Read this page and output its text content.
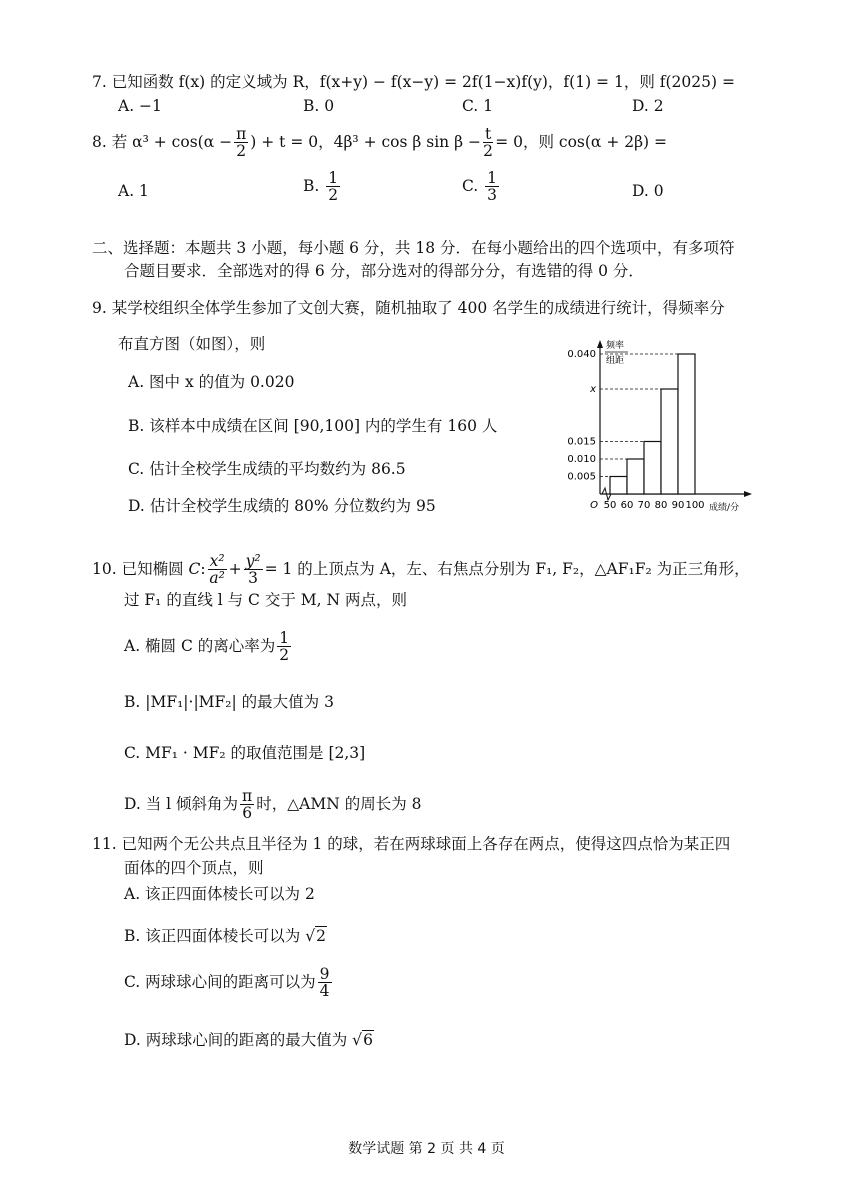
7. 已知函数 f(x) 的定义域为 R，f(x+y) − f(x−y) = 2f(1−x)f(y)，f(1) = 1，则 f(2025) =
A. −1	B. 0	C. 1	D. 2
8. 若 $\alpha^3 + \cos(\alpha - \frac{\pi}{2}$ ) + t = 0，4β³ + cos β $\sin \beta - \frac{t}{2} = 0$，则 cos(α + 2β) =
A. 1	B. $\frac{1}{2}$	C. $\frac{1}{3}$	D. 0
二、选择题：本题共 3 小题，每小题 6 分，共 18 分．在每小题给出的四个选项中，有多项符
合题目要求．全部选对的得 6 分，部分选对的得部分分，有选错的得 0 分．
9. 某学校组织全体学生参加了文创大赛，随机抽取了 400 名学生的成绩进行统计，得频率分
布直方图（如图），则
A. 图中 x 的值为 0.020
B. 该样本中成绩在区间 [90,100] 内的学生有 160 人
C. 估计全校学生成绩的平均数约为 86.5
D. 估计全校学生成绩的 80% 分位数约为 95
频率
组距
0.040
x
0.015
0.010
0.005
50 60 70 80 90 100
O	成绩/分
10. 已知椭圆 C: $\frac{\text{x²}}{\text{a²}} + \frac{\text{y²}}{3} = 1$ 的上顶点为 A，左、右焦点分别为 F₁, F₂，△AF₁F₂ 为正三角形，
过 F₁ 的直线 l 与 C 交于 M, N 两点，则
A. 椭圆 C 的离心率为 $\frac{1}{2}$
B. |MF₁|·|MF₂| 的最大值为 3
C. MF₁ · MF₂ 的取值范围是 [2,3]
D. 当 l 倾斜角为 $\frac{\pi}{6}$ 时，△AMN 的周长为 8
11. 已知两个无公共点且半径为 1 的球，若在两球球面上各存在两点，使得这四点恰为某正四
面体的四个顶点，则
A. 该正四面体棱长可以为 2
B. 该正四面体棱长可以为 √2
C. 两球球心间的距离可以为 $\frac{9}{4}$
D. 两球球心间的距离的最大值为 √6
数学试题 第 2 页 共 4 页
